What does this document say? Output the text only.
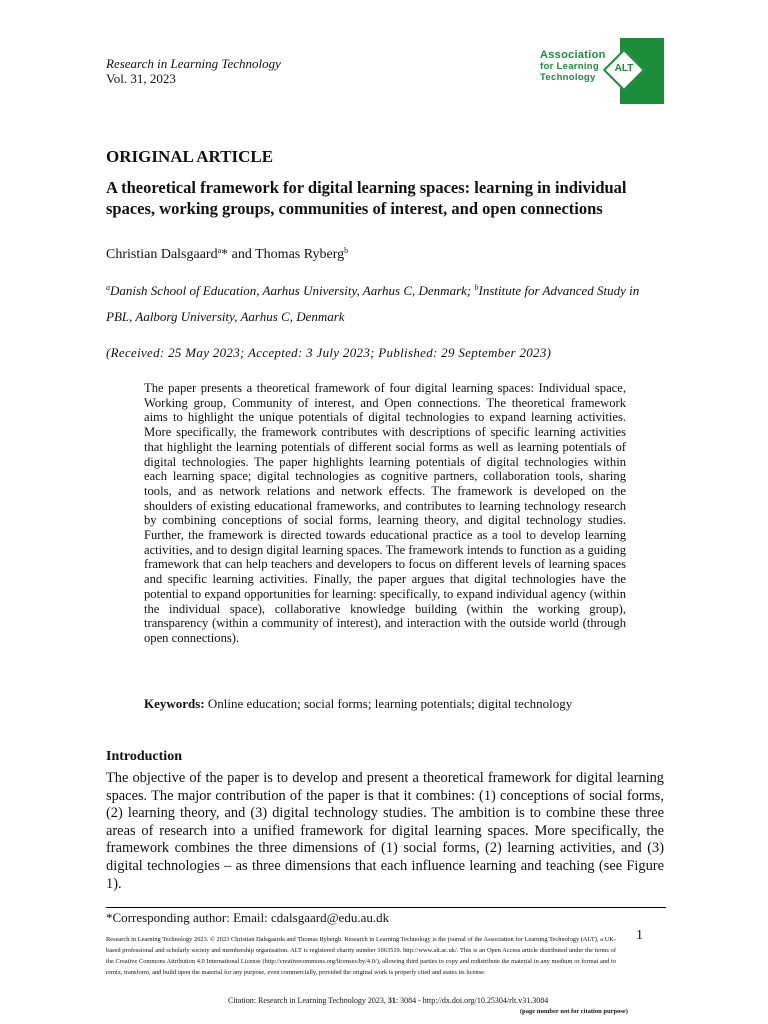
Research in Learning Technology
Vol. 31, 2023
Association
for Learning
Technology
ALT
ORIGINAL ARTICLE
A theoretical framework for digital learning spaces: learning in individual spaces, working groups, communities of interest, and open connections
Christian Dalsgaard$^a$* and Thomas Ryberg$^b$
$^a$Danish School of Education, Aarhus University, Aarhus C, Denmark; $^b$Institute for Advanced Study in PBL, Aalborg University, Aarhus C, Denmark
(Received: 25 May 2023; Accepted: 3 July 2023; Published: 29 September 2023)
The paper presents a theoretical framework of four digital learning spaces: Individual space, Working group, Community of interest, and Open connections. The theoretical framework aims to highlight the unique potentials of digital technologies to expand learning activities. More specifically, the framework contributes with descriptions of specific learning activities that highlight the learning potentials of different social forms as well as learning potentials of digital technologies. The paper highlights learning potentials of digital technologies within each learning space; digital technologies as cognitive partners, collaboration tools, sharing tools, and as network relations and network effects. The framework is developed on the shoulders of existing educational frameworks, and contributes to learning technology research by combining conceptions of social forms, learning theory, and digital technology studies. Further, the framework is directed towards educational practice as a tool to develop learning activities, and to design digital learning spaces. The framework intends to function as a guiding framework that can help teachers and developers to focus on different levels of learning spaces and specific learning activities. Finally, the paper argues that digital technologies have the potential to expand opportunities for learning: specifically, to expand individual agency (within the individual space), collaborative knowledge building (within the working group), transparency (within a community of interest), and interaction with the outside world (through open connections).
Keywords: Online education; social forms; learning potentials; digital technology
Introduction
The objective of the paper is to develop and present a theoretical framework for digital learning spaces. The major contribution of the paper is that it combines: (1) conceptions of social forms, (2) learning theory, and (3) digital technology studies. The ambition is to combine these three areas of research into a unified framework for digital learning spaces. More specifically, the framework combines the three dimensions of (1) social forms, (2) learning activities, and (3) digital technologies – as three dimensions that each influence learning and teaching (see Figure 1).
*Corresponding author: Email: cdalsgaard@edu.au.dk
1
Research in Learning Technology 2023. © 2023 Christian Dalsgaarda and Thomas Rybergb. Research in Learning Technology is the journal of the Association for Learning Technology (ALT), a UK-based professional and scholarly society and membership organisation. ALT is registered charity number 1063519. http://www.alt.ac.uk/. This is an Open Access article distributed under the terms of the Creative Commons Attribution 4.0 International License (http://creativecommons.org/licenses/by/4.0/), allowing third parties to copy and redistribute the material in any medium or format and to remix, transform, and build upon the material for any purpose, even commercially, provided the original work is properly cited and states its license.
Citation: Research in Learning Technology 2023, 31: 3084 - http://dx.doi.org/10.25304/rlt.v31.3084
(page number not for citation purpose)
